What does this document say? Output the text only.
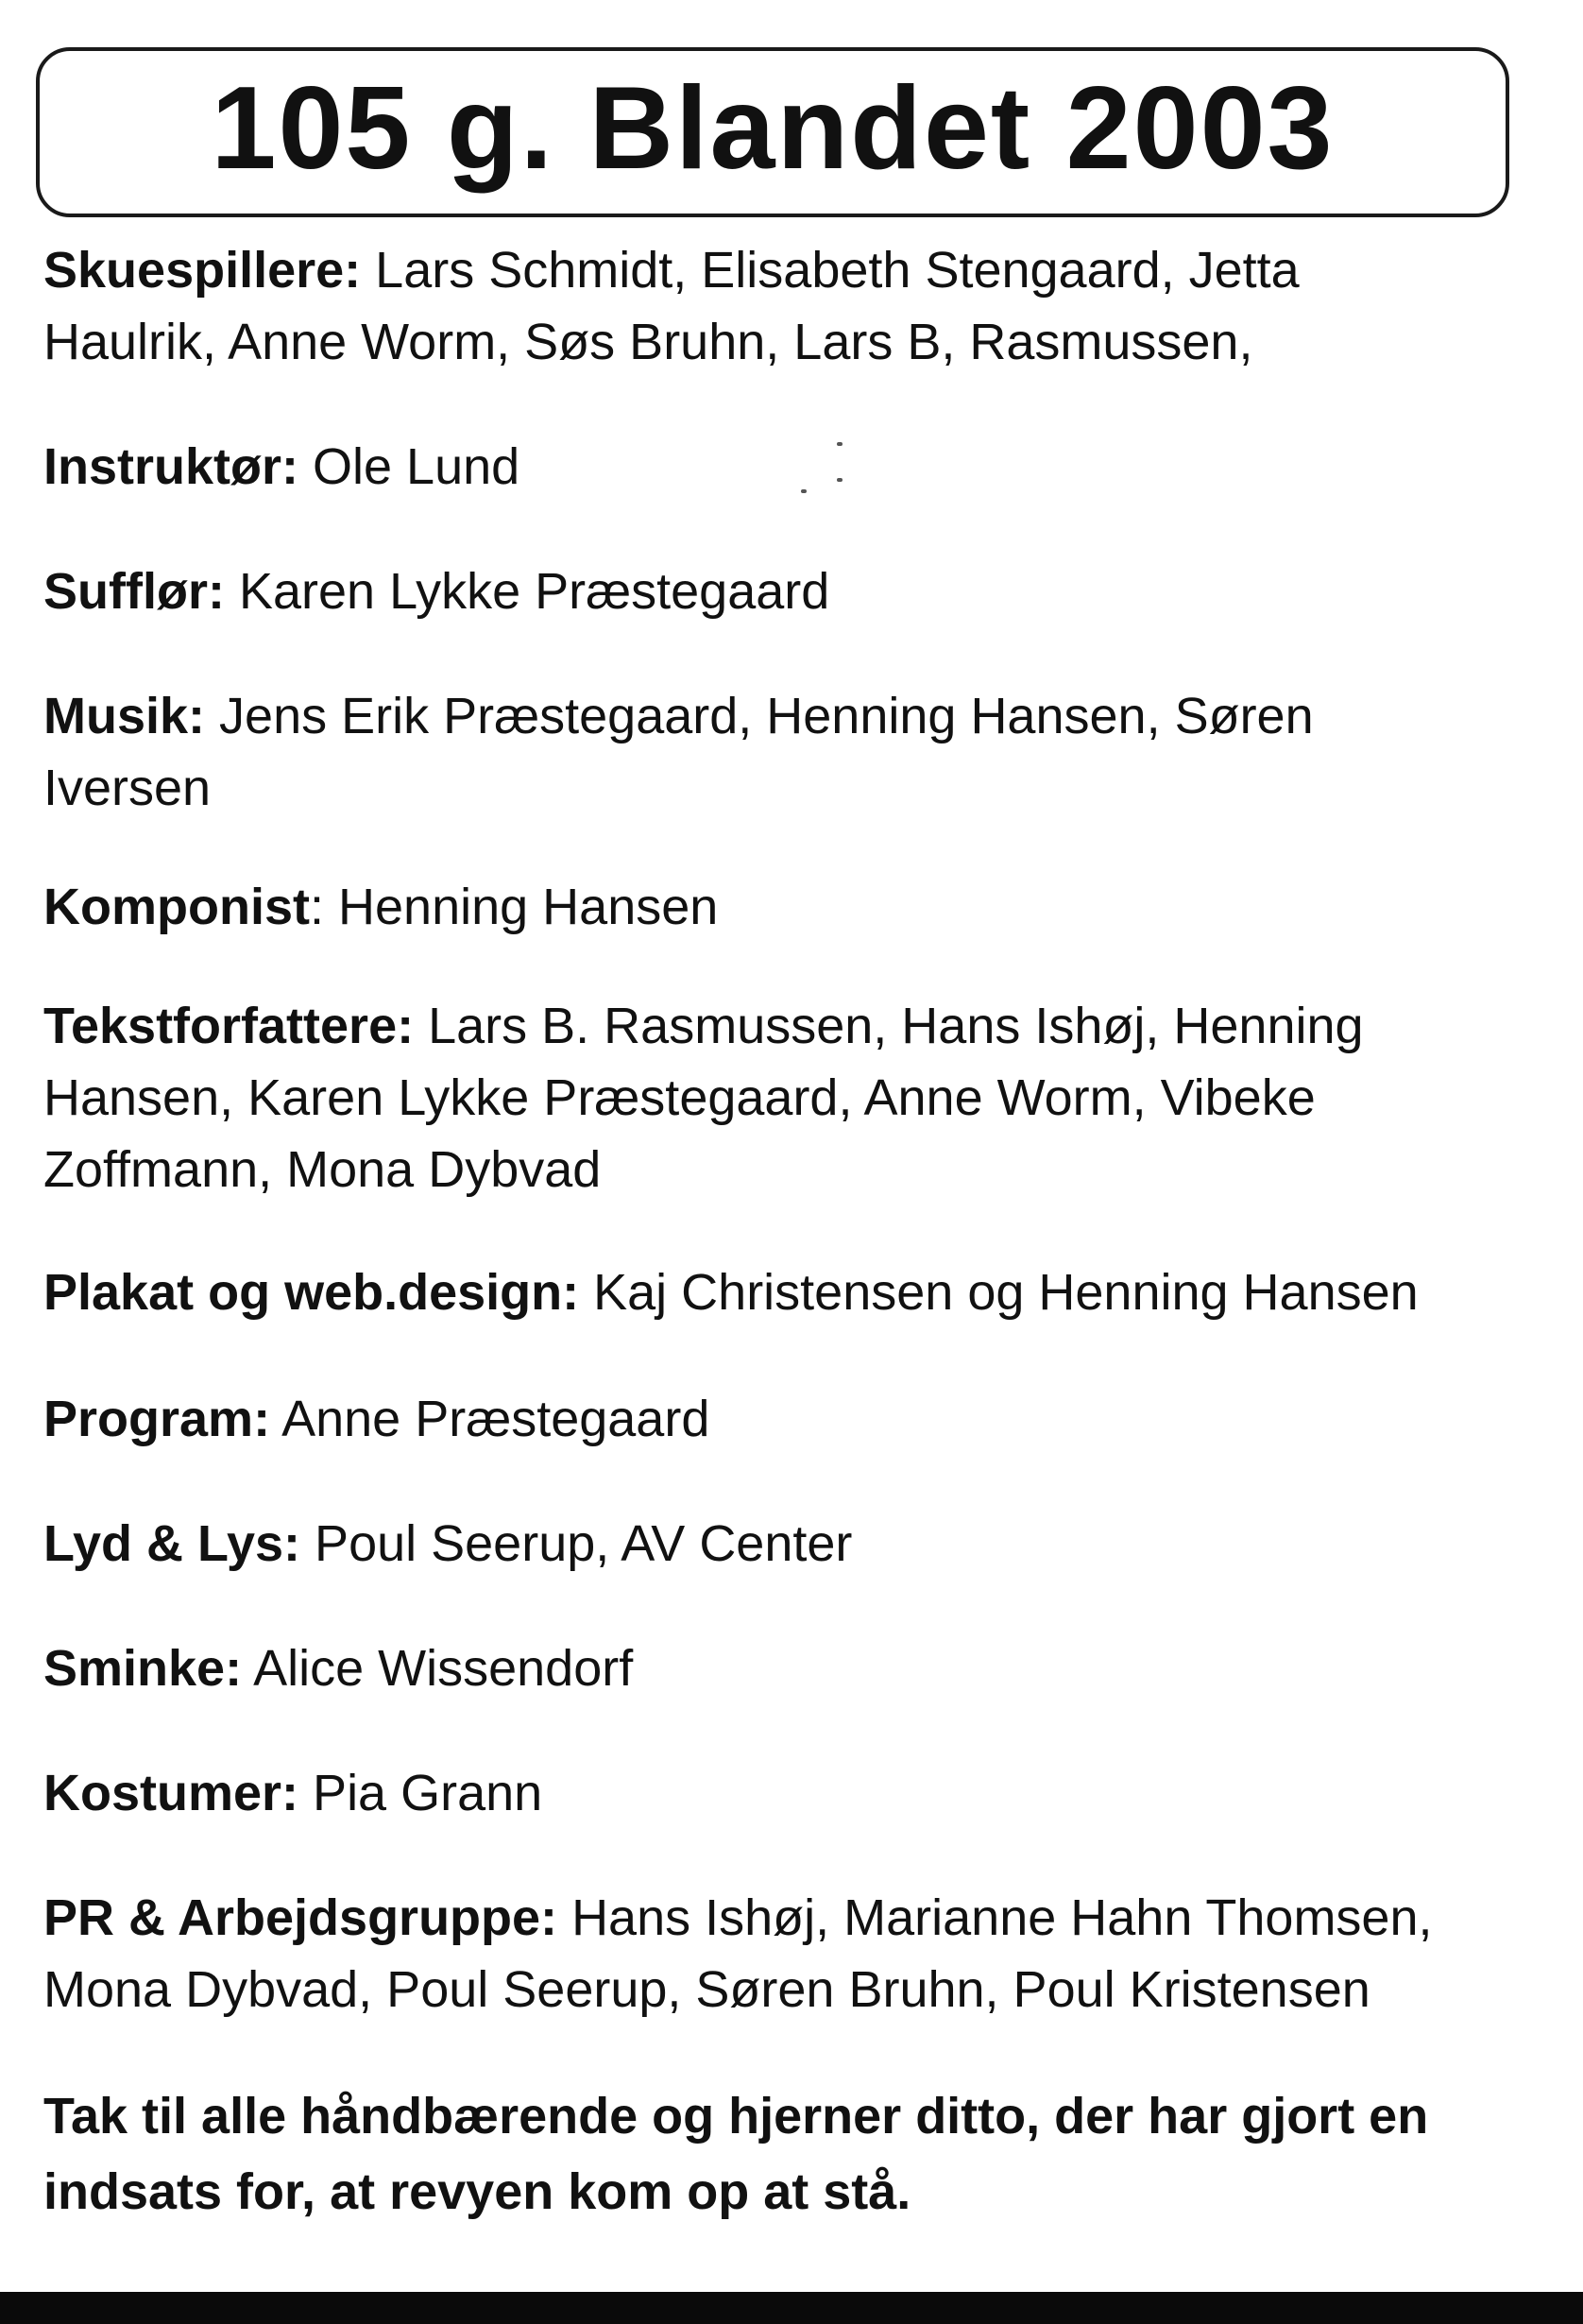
105 g. Blandet 2003

Skuespillere: Lars Schmidt, Elisabeth Stengaard, Jetta
Haulrik, Anne Worm, Søs Bruhn, Lars B, Rasmussen,

Instruktør: Ole Lund

Sufflør: Karen Lykke Præstegaard

Musik: Jens Erik Præstegaard, Henning Hansen, Søren
Iversen

Komponist: Henning Hansen

Tekstforfattere: Lars B. Rasmussen, Hans Ishøj, Henning
Hansen, Karen Lykke Præstegaard, Anne Worm, Vibeke
Zoffmann, Mona Dybvad

Plakat og web.design: Kaj Christensen og Henning Hansen

Program: Anne Præstegaard

Lyd & Lys: Poul Seerup, AV Center

Sminke: Alice Wissendorf

Kostumer: Pia Grann

PR & Arbejdsgruppe: Hans Ishøj, Marianne Hahn Thomsen,
Mona Dybvad, Poul Seerup, Søren Bruhn, Poul Kristensen

Tak til alle håndbærende og hjerner ditto, der har gjort en
indsats for, at revyen kom op at stå.
